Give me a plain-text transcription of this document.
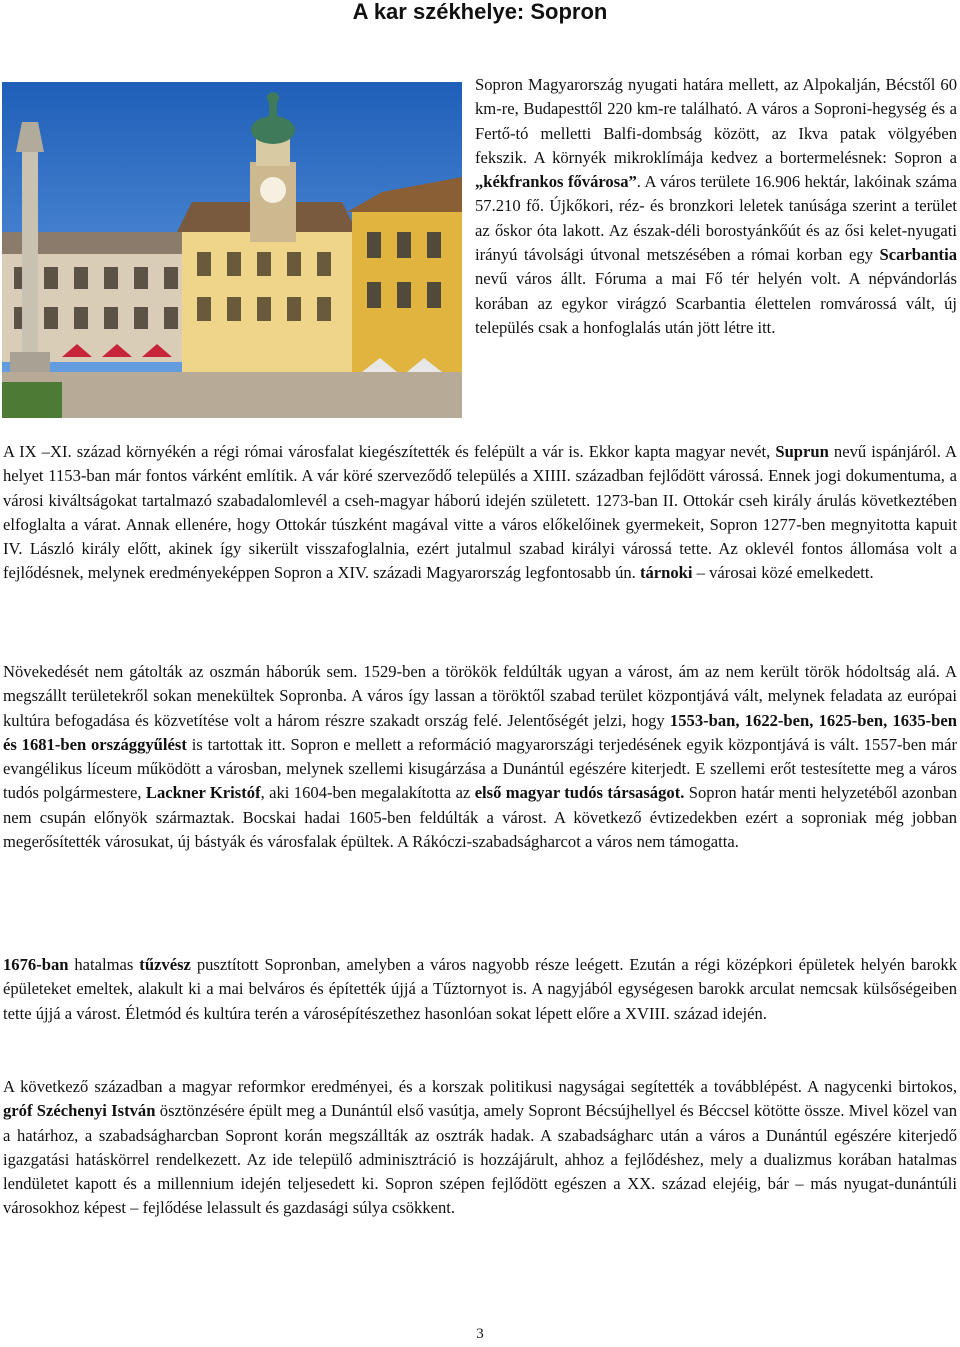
A kar székhelye: Sopron

Sopron Magyarország nyugati határa mellett, az Alpokalján, Bécstől 60 km-re, Budapesttől 220 km-re található. A város a Soproni-hegység és a Fertő-tó melletti Balfi-dombság között, az Ikva patak völgyében fekszik. A környék mikroklímája kedvez a bortermelésnek: Sopron a „kékfrankos fővárosa”. A város területe 16.906 hektár, lakóinak száma 57.210 fő. Újkőkori, réz- és bronzkori leletek tanúsága szerint a terület az őskor óta lakott. Az észak-déli borostyánkőút és az ősi kelet-nyugati irányú távolsági útvonal metszésében a római korban egy Scarbantia nevű város állt. Fóruma a mai Fő tér helyén volt. A népvándorlás korában az egykor virágzó Scarbantia élettelen romvárossá vált, új település csak a honfoglalás után jött létre itt.

A IX –XI. század környékén a régi római városfalat kiegészítették és felépült a vár is. Ekkor kapta magyar nevét, Suprun nevű ispánjáról. A helyet 1153-ban már fontos várként említik. A vár köré szerveződő település a XIIII. században fejlődött várossá. Ennek jogi dokumentuma, a városi kiváltságokat tartalmazó szabadalomlevél a cseh-magyar háború idején született. 1273-ban II. Ottokár cseh király árulás következtében elfoglalta a várat. Annak ellenére, hogy Ottokár túszként magával vitte a város előkelőinek gyermekeit, Sopron 1277-ben megnyitotta kapuit IV. László király előtt, akinek így sikerült visszafoglalnia, ezért jutalmul szabad királyi várossá tette. Az oklevél fontos állomása volt a fejlődésnek, melynek eredményeképpen Sopron a XIV. századi Magyarország legfontosabb ún. tárnoki – városai közé emelkedett.

Növekedését nem gátolták az oszmán háborúk sem. 1529-ben a törökök feldúlták ugyan a várost, ám az nem került török hódoltság alá. A megszállt területekről sokan menekültek Sopronba. A város így lassan a töröktől szabad terület központjává vált, melynek feladata az európai kultúra befogadása és közvetítése volt a három részre szakadt ország felé. Jelentőségét jelzi, hogy 1553-ban, 1622-ben, 1625-ben, 1635-ben és 1681-ben országgyűlést is tartottak itt. Sopron e mellett a reformáció magyarországi terjedésének egyik központjává is vált. 1557-ben már evangélikus líceum működött a városban, melynek szellemi kisugárzása a Dunántúl egészére kiterjedt. E szellemi erőt testesítette meg a város tudós polgármestere, Lackner Kristóf, aki 1604-ben megalakította az első magyar tudós társaságot. Sopron határ menti helyzetéből azonban nem csupán előnyök származtak. Bocskai hadai 1605-ben feldúlták a várost. A következő évtizedekben ezért a soproniak még jobban megerősítették városukat, új bástyák és városfalak épültek. A Rákóczi-szabadságharcot a város nem támogatta.

1676-ban hatalmas tűzvész pusztított Sopronban, amelyben a város nagyobb része leégett. Ezután a régi középkori épületek helyén barokk épületeket emeltek, alakult ki a mai belváros és építették újjá a Tűztornyot is. A nagyjából egységesen barokk arculat nemcsak külsőségeiben tette újjá a várost. Életmód és kultúra terén a városépítészethez hasonlóan sokat lépett előre a XVIII. század idején.

A következő században a magyar reformkor eredményei, és a korszak politikusi nagyságai segítették a továbblépést. A nagycenki birtokos, gróf Széchenyi István ösztönzésére épült meg a Dunántúl első vasútja, amely Sopront Bécsújhellyel és Béccsel kötötte össze. Mivel közel van a határhoz, a szabadságharcban Sopront korán megszállták az osztrák hadak. A szabadságharc után a város a Dunántúl egészére kiterjedő igazgatási hatáskörrel rendelkezett. Az ide települő adminisztráció is hozzájárult, ahhoz a fejlődéshez, mely a dualizmus korában hatalmas lendületet kapott és a millennium idején teljesedett ki. Sopron szépen fejlődött egészen a XX. század elejéig, bár – más nyugat-dunántúli városokhoz képest – fejlődése lelassult és gazdasági súlya csökkent.

3
